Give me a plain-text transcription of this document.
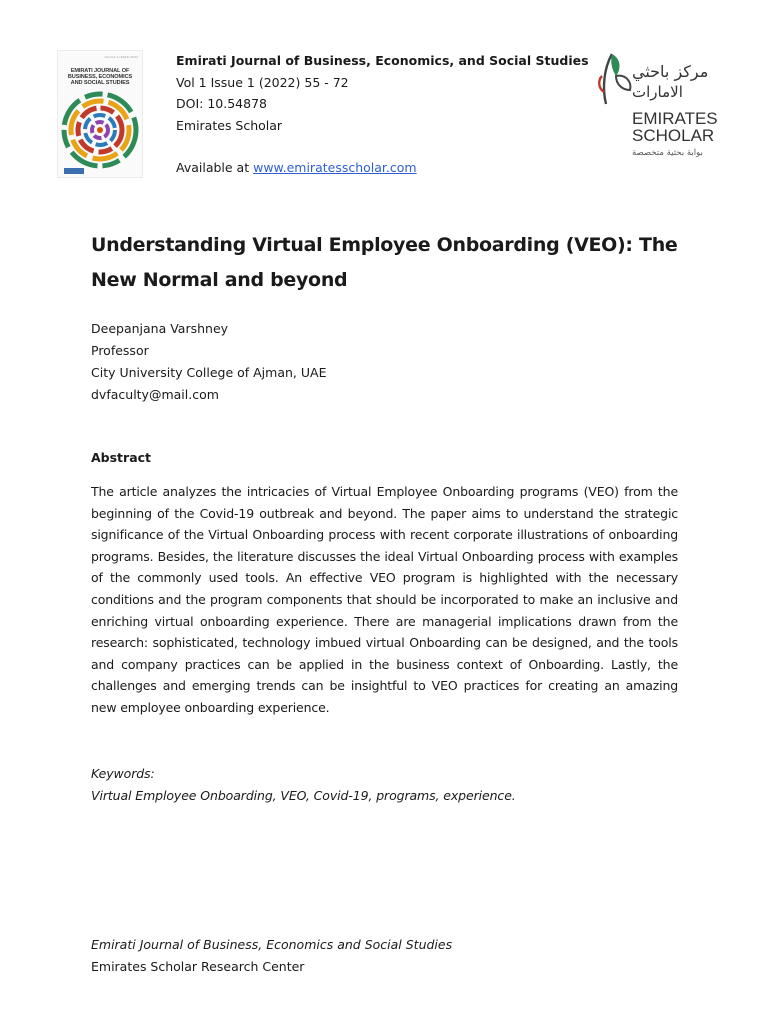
Volume 1 (2022) 2022
EMIRATI JOURNAL OF BUSINESS, ECONOMICS AND SOCIAL STUDIES
Emirati Journal of Business, Economics, and Social Studies
Vol 1 Issue 1 (2022) 55 - 72
DOI: 10.54878
Emirates Scholar
Available at www.emiratesscholar.com
مركز باحثي
الامارات
EMIRATES
SCHOLAR
بوابة بحثية متخصصة
Understanding Virtual Employee Onboarding (VEO): The New Normal and beyond
Deepanjana Varshney
Professor
City University College of Ajman, UAE
dvfaculty@mail.com
Abstract
The article analyzes the intricacies of Virtual Employee Onboarding programs (VEO) from the beginning of the Covid-19 outbreak and beyond. The paper aims to understand the strategic significance of the Virtual Onboarding process with recent corporate illustrations of onboarding programs. Besides, the literature discusses the ideal Virtual Onboarding process with examples of the commonly used tools. An effective VEO program is highlighted with the necessary conditions and the program components that should be incorporated to make an inclusive and enriching virtual onboarding experience. There are managerial implications drawn from the research: sophisticated, technology imbued virtual Onboarding can be designed, and the tools and company practices can be applied in the business context of Onboarding. Lastly, the challenges and emerging trends can be insightful to VEO practices for creating an amazing new employee onboarding experience.
Keywords:
Virtual Employee Onboarding, VEO, Covid-19, programs, experience.
Emirati Journal of Business, Economics and Social Studies
Emirates Scholar Research Center
